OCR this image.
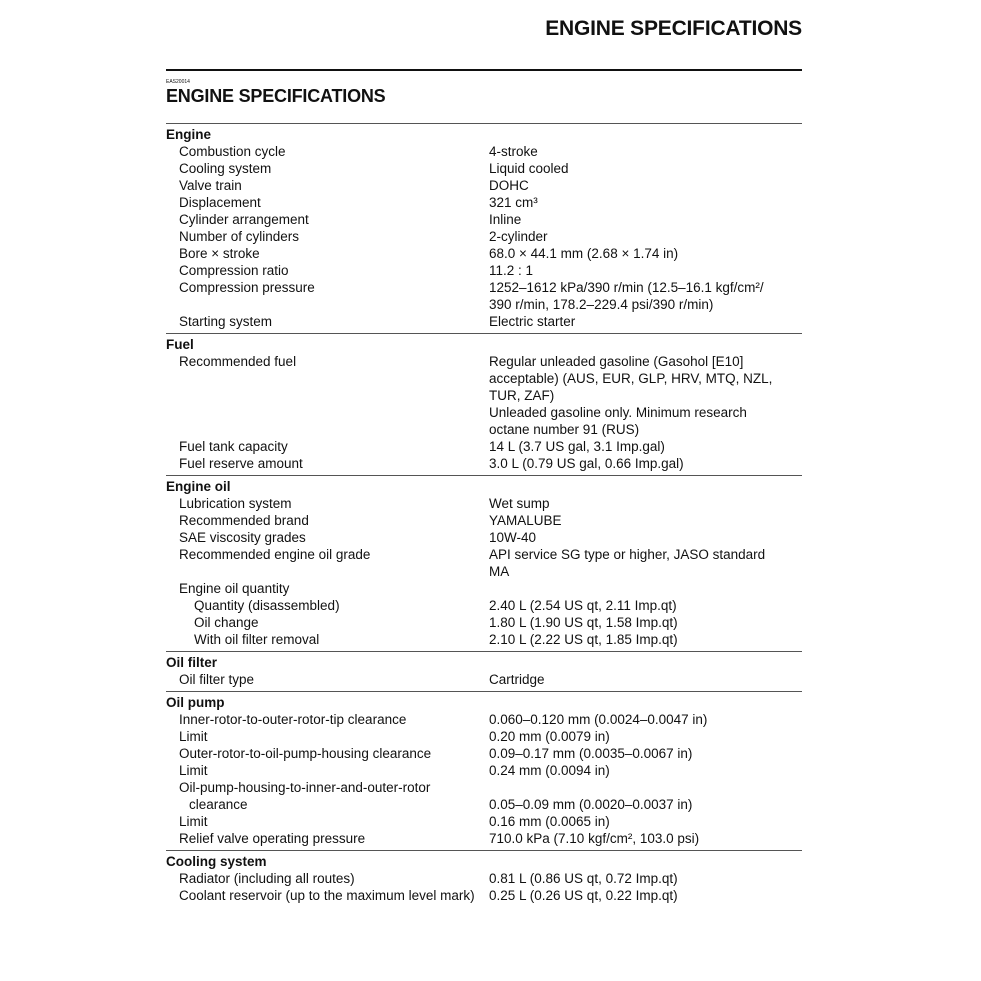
ENGINE SPECIFICATIONS
EAS20014
ENGINE SPECIFICATIONS
Engine
Combustion cycle	4-stroke
Cooling system	Liquid cooled
Valve train	DOHC
Displacement	321 cm³
Cylinder arrangement	Inline
Number of cylinders	2-cylinder
Bore × stroke	68.0 × 44.1 mm (2.68 × 1.74 in)
Compression ratio	11.2 : 1
Compression pressure	1252–1612 kPa/390 r/min (12.5–16.1 kgf/cm²/
390 r/min, 178.2–229.4 psi/390 r/min)
Starting system	Electric starter
Fuel
Recommended fuel	Regular unleaded gasoline (Gasohol [E10]
acceptable) (AUS, EUR, GLP, HRV, MTQ, NZL,
TUR, ZAF)
Unleaded gasoline only. Minimum research
octane number 91 (RUS)
Fuel tank capacity	14 L (3.7 US gal, 3.1 Imp.gal)
Fuel reserve amount	3.0 L (0.79 US gal, 0.66 Imp.gal)
Engine oil
Lubrication system	Wet sump
Recommended brand	YAMALUBE
SAE viscosity grades	10W-40
Recommended engine oil grade	API service SG type or higher, JASO standard
MA
Engine oil quantity
Quantity (disassembled)	2.40 L (2.54 US qt, 2.11 Imp.qt)
Oil change	1.80 L (1.90 US qt, 1.58 Imp.qt)
With oil filter removal	2.10 L (2.22 US qt, 1.85 Imp.qt)
Oil filter
Oil filter type	Cartridge
Oil pump
Inner-rotor-to-outer-rotor-tip clearance	0.060–0.120 mm (0.0024–0.0047 in)
Limit	0.20 mm (0.0079 in)
Outer-rotor-to-oil-pump-housing clearance	0.09–0.17 mm (0.0035–0.0067 in)
Limit	0.24 mm (0.0094 in)
Oil-pump-housing-to-inner-and-outer-rotor
clearance
	0.05–0.09 mm (0.0020–0.0037 in)
Limit	0.16 mm (0.0065 in)
Relief valve operating pressure	710.0 kPa (7.10 kgf/cm², 103.0 psi)
Cooling system
Radiator (including all routes)	0.81 L (0.86 US qt, 0.72 Imp.qt)
Coolant reservoir (up to the maximum level mark)	0.25 L (0.26 US qt, 0.22 Imp.qt)
